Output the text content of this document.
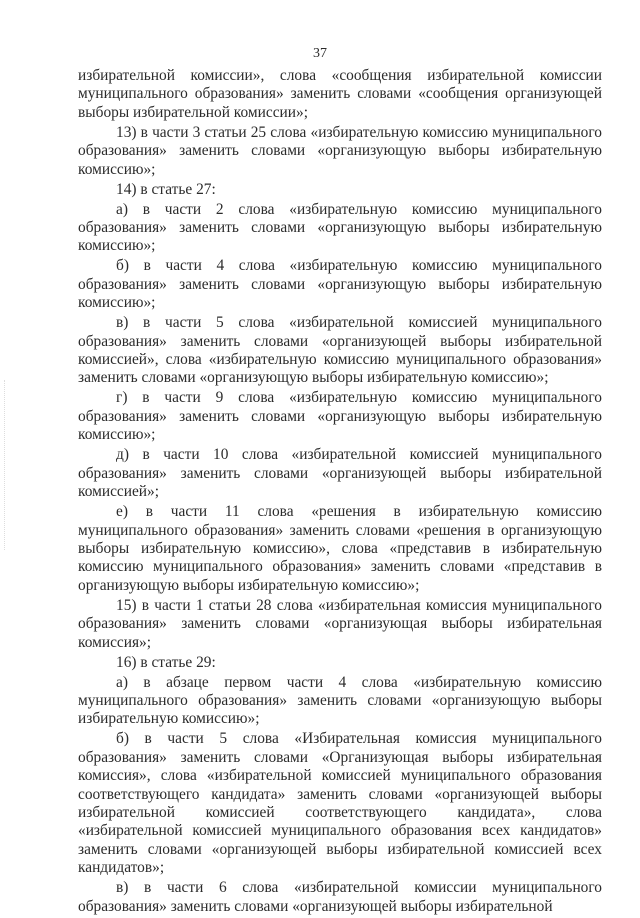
37

избирательной комиссии», слова «сообщения избирательной комиссии муниципального образования» заменить словами «сообщения организующей выборы избирательной комиссии»;

13) в части 3 статьи 25 слова «избирательную комиссию муниципального образования» заменить словами «организующую выборы избирательную комиссию»;

14) в статье 27:

а) в части 2 слова «избирательную комиссию муниципального образования» заменить словами «организующую выборы избирательную комиссию»;

б) в части 4 слова «избирательную комиссию муниципального образования» заменить словами «организующую выборы избирательную комиссию»;

в) в части 5 слова «избирательной комиссией муниципального образования» заменить словами «организующей выборы избирательной комиссией», слова «избирательную комиссию муниципального образования» заменить словами «организующую выборы избирательную комиссию»;

г) в части 9 слова «избирательную комиссию муниципального образования» заменить словами «организующую выборы избирательную комиссию»;

д) в части 10 слова «избирательной комиссией муниципального образования» заменить словами «организующей выборы избирательной комиссией»;

е) в части 11 слова «решения в избирательную комиссию муниципального образования» заменить словами «решения в организующую выборы избирательную комиссию», слова «представив в избирательную комиссию муниципального образования» заменить словами «представив в организующую выборы избирательную комиссию»;

15) в части 1 статьи 28 слова «избирательная комиссия муниципального образования» заменить словами «организующая выборы избирательная комиссия»;

16) в статье 29:

а) в абзаце первом части 4 слова «избирательную комиссию муниципального образования» заменить словами «организующую выборы избирательную комиссию»;

б) в части 5 слова «Избирательная комиссия муниципального образования» заменить словами «Организующая выборы избирательная комиссия», слова «избирательной комиссией муниципального образования соответствующего кандидата» заменить словами «организующей выборы избирательной комиссией соответствующего кандидата», слова «избирательной комиссией муниципального образования всех кандидатов» заменить словами «организующей выборы избирательной комиссией всех кандидатов»;

в) в части 6 слова «избирательной комиссии муниципального образования» заменить словами «организующей выборы избирательной
